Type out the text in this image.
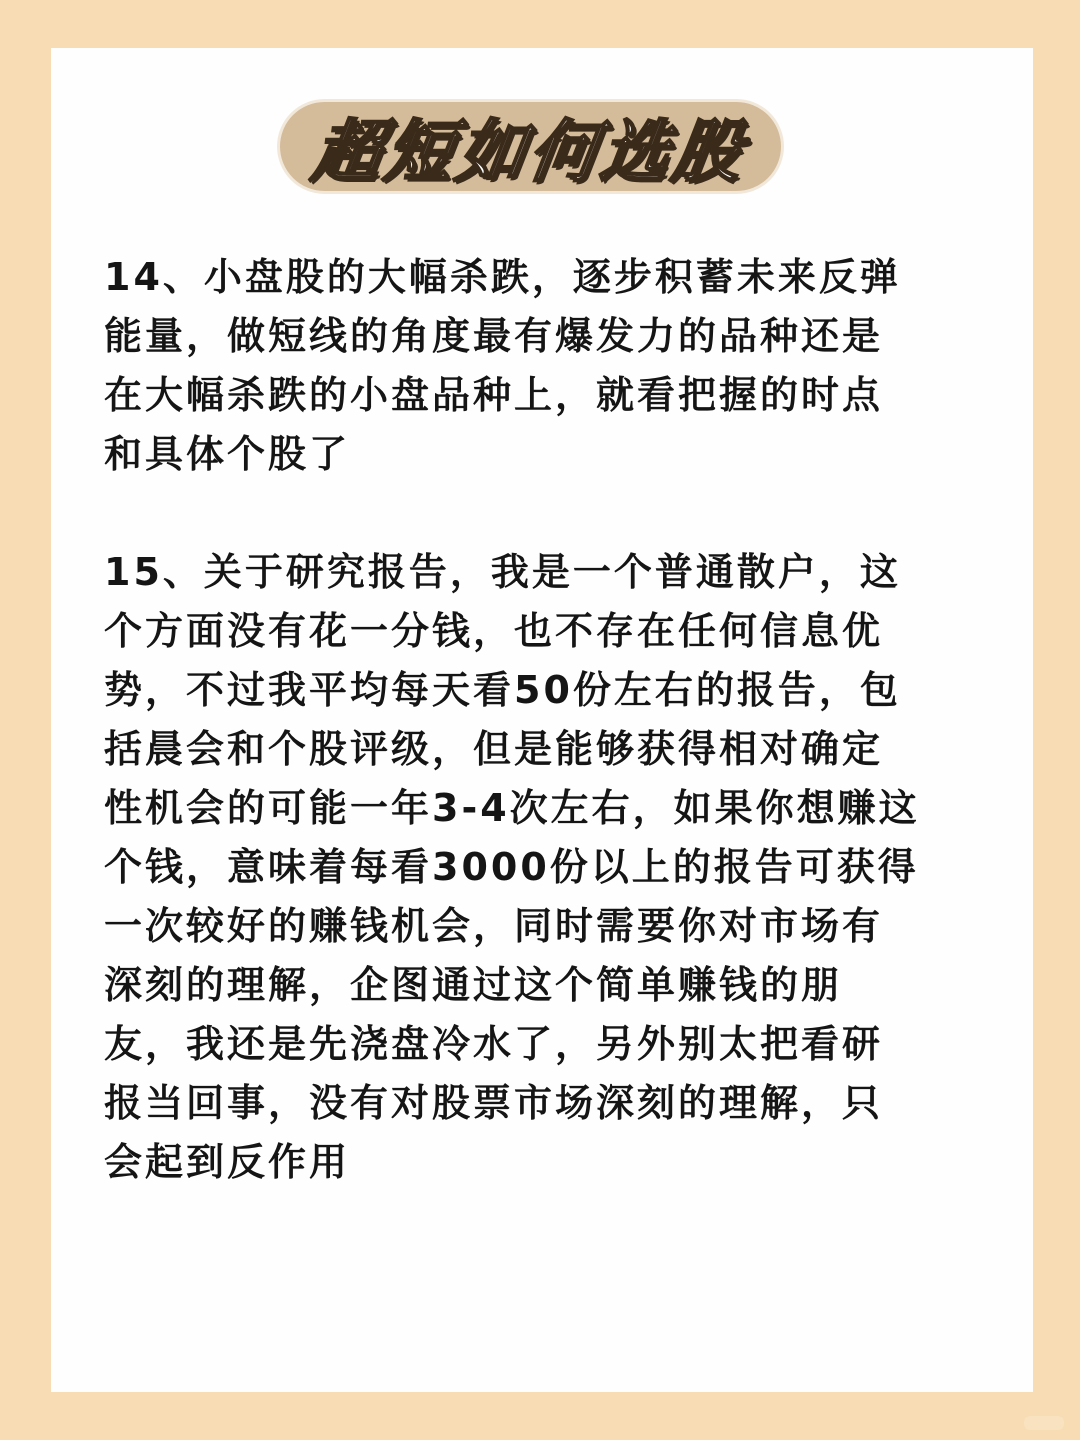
超短如何选股
14、小盘股的大幅杀跌，逐步积蓄未来反弹
能量，做短线的角度最有爆发力的品种还是
在大幅杀跌的小盘品种上，就看把握的时点
和具体个股了
15、关于研究报告，我是一个普通散户，这
个方面没有花一分钱，也不存在任何信息优
势，不过我平均每天看50份左右的报告，包
括晨会和个股评级，但是能够获得相对确定
性机会的可能一年3-4次左右，如果你想赚这
个钱，意味着每看3000份以上的报告可获得
一次较好的赚钱机会，同时需要你对市场有
深刻的理解，企图通过这个简单赚钱的朋
友，我还是先浇盘冷水了，另外别太把看研
报当回事，没有对股票市场深刻的理解，只
会起到反作用
